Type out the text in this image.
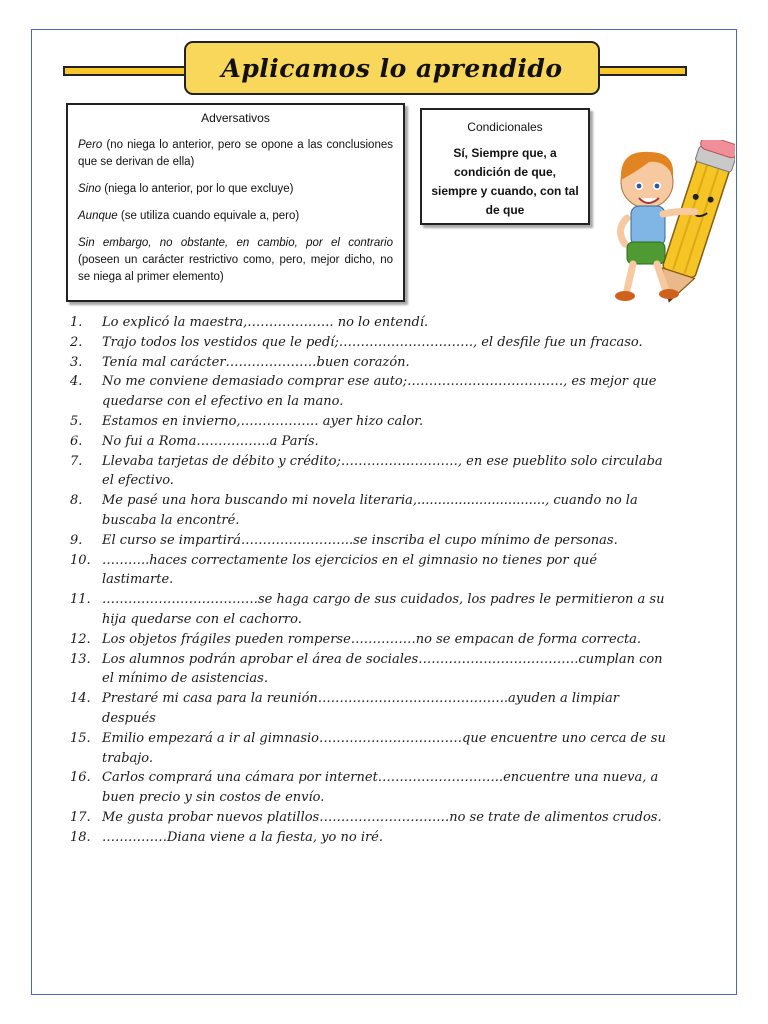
Aplicamos lo aprendido
Adversativos
Pero (no niega lo anterior, pero se opone a las conclusiones que se derivan de ella)
Sino (niega lo anterior, por lo que excluye)
Aunque (se utiliza cuando equivale a, pero)
Sin embargo, no obstante, en cambio, por el contrario (poseen un carácter restrictivo como, pero, mejor dicho, no se niega al primer elemento)
Condicionales
Sí, Siempre que, a condición de que, siempre y cuando, con tal de que
1.	Lo explicó la maestra,……………….. no lo entendí.
2.	Trajo todos los vestidos que le pedí;…………………………., el desfile fue un fracaso.
3.	Tenía mal carácter…………………buen corazón.
4.	No me conviene demasiado comprar ese auto;………………………………, es mejor que quedarse con el efectivo en la mano.
5.	Estamos en invierno,……………… ayer hizo calor.
6.	No fui a Roma……………..a París.
7.	Llevaba tarjetas de débito y crédito;………………………, en ese pueblito solo circulaba el efectivo.
8.	Me pasé una hora buscando mi novela literaria,..............................., cuando no la buscaba la encontré.
9.	El curso se impartirá……………………..se inscriba el cupo mínimo de personas.
10. ………..haces correctamente los ejercicios en el gimnasio no tienes por qué lastimarte.
11. ………………………………se haga cargo de sus cuidados, los padres le permitieron a su hija quedarse con el cachorro.
12. Los objetos frágiles pueden romperse……………no se empacan de forma correcta.
13. Los alumnos podrán aprobar el área de sociales……………………………….cumplan con el mínimo de asistencias.
14. Prestaré mi casa para la reunión……………………………………..ayuden a limpiar después
15. Emilio empezará a ir al gimnasio……………………………que encuentre uno cerca de su trabajo.
16. Carlos comprará una cámara por internet………………………..encuentre una nueva, a buen precio y sin costos de envío.
17. Me gusta probar nuevos platillos…………………………no se trate de alimentos crudos.
18. ……………Diana viene a la fiesta, yo no iré.
